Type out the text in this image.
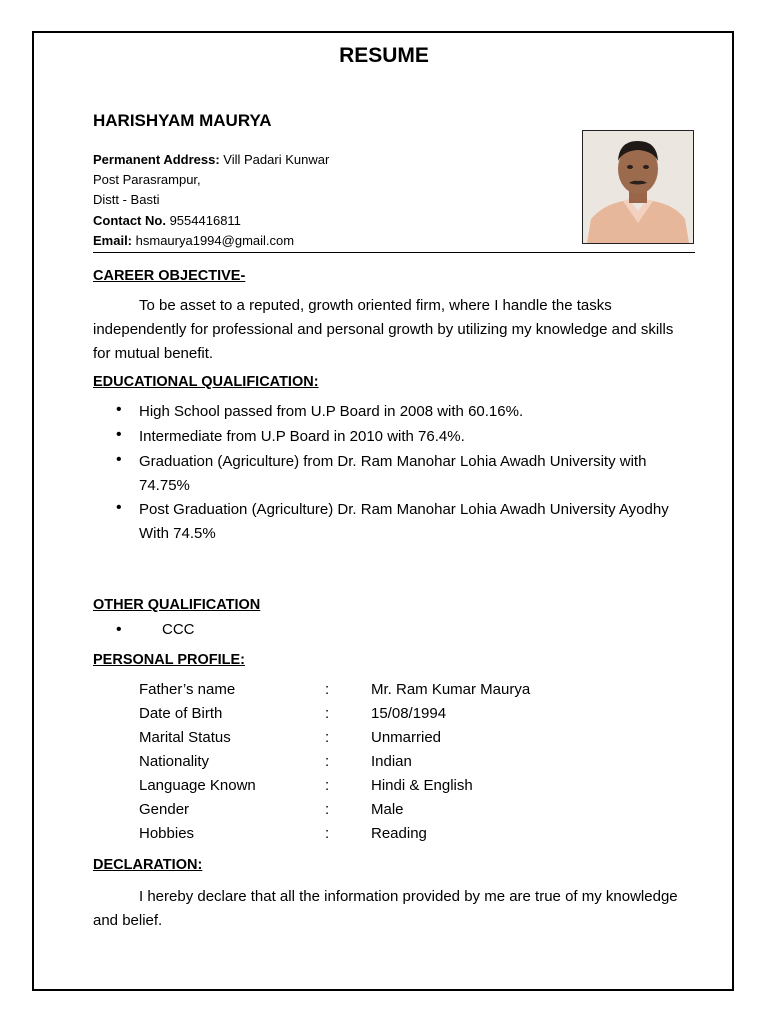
RESUME
HARISHYAM MAURYA
Permanent Address: Vill Padari Kunwar
Post Parasrampur,
Distt - Basti
Contact No. 9554416811
Email: hsmaurya1994@gmail.com
CAREER OBJECTIVE-
To be asset to a reputed, growth oriented firm, where I handle the tasks independently for professional and personal growth by utilizing my knowledge and skills for mutual benefit.
EDUCATIONAL QUALIFICATION:
• High School passed from U.P Board in 2008 with 60.16%.
• Intermediate from U.P Board in 2010 with 76.4%.
• Graduation (Agriculture) from Dr. Ram Manohar Lohia Awadh University with 74.75%
• Post Graduation (Agriculture) Dr. Ram Manohar Lohia Awadh University Ayodhy With 74.5%
OTHER QUALIFICATION
•	CCC
PERSONAL PROFILE:
Father’s name	:	Mr. Ram Kumar Maurya
Date of Birth	:	15/08/1994
Marital Status	:	Unmarried
Nationality	:	Indian
Language Known	:	Hindi & English
Gender	:	Male
Hobbies	:	Reading
DECLARATION:
I hereby declare that all the information provided by me are true of my knowledge and belief.
